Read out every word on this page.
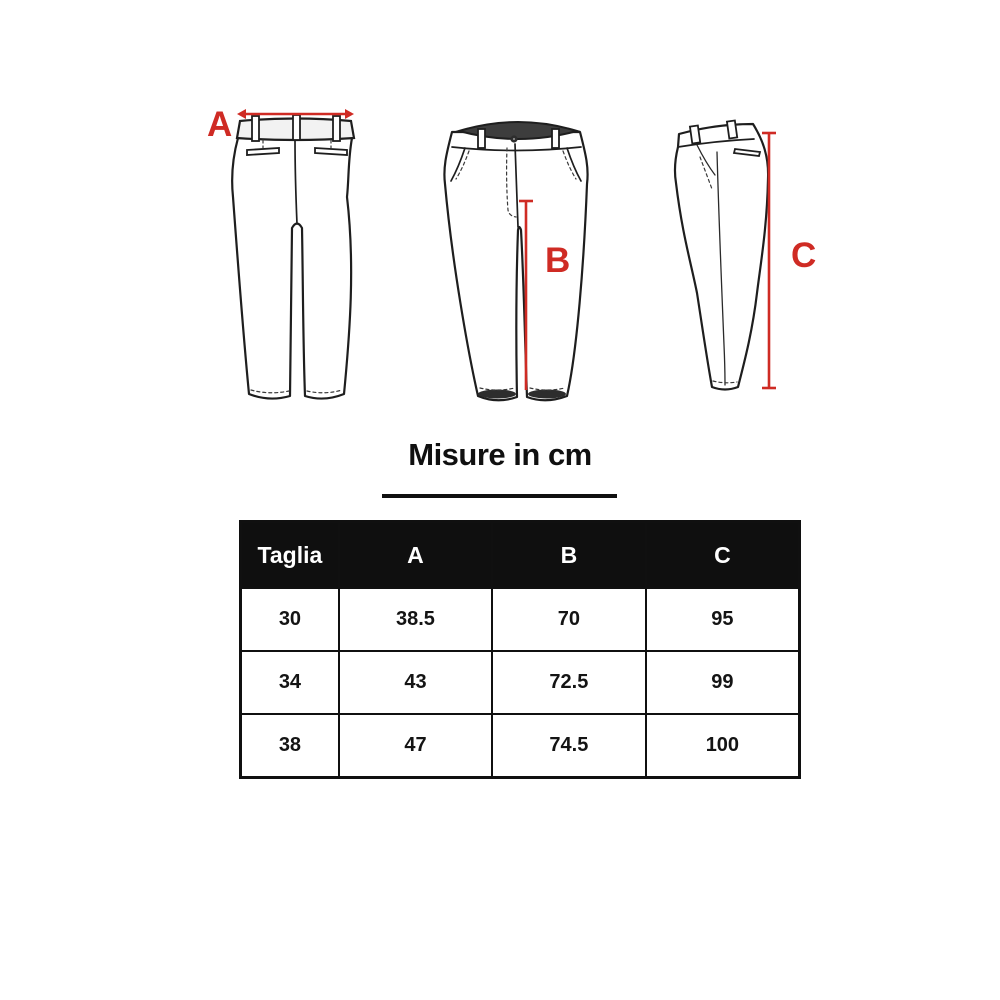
A
B	C
Misure in cm
Taglia	A	B	C
30	38.5	70	95
34	43	72.5	99
38	47	74.5	100
